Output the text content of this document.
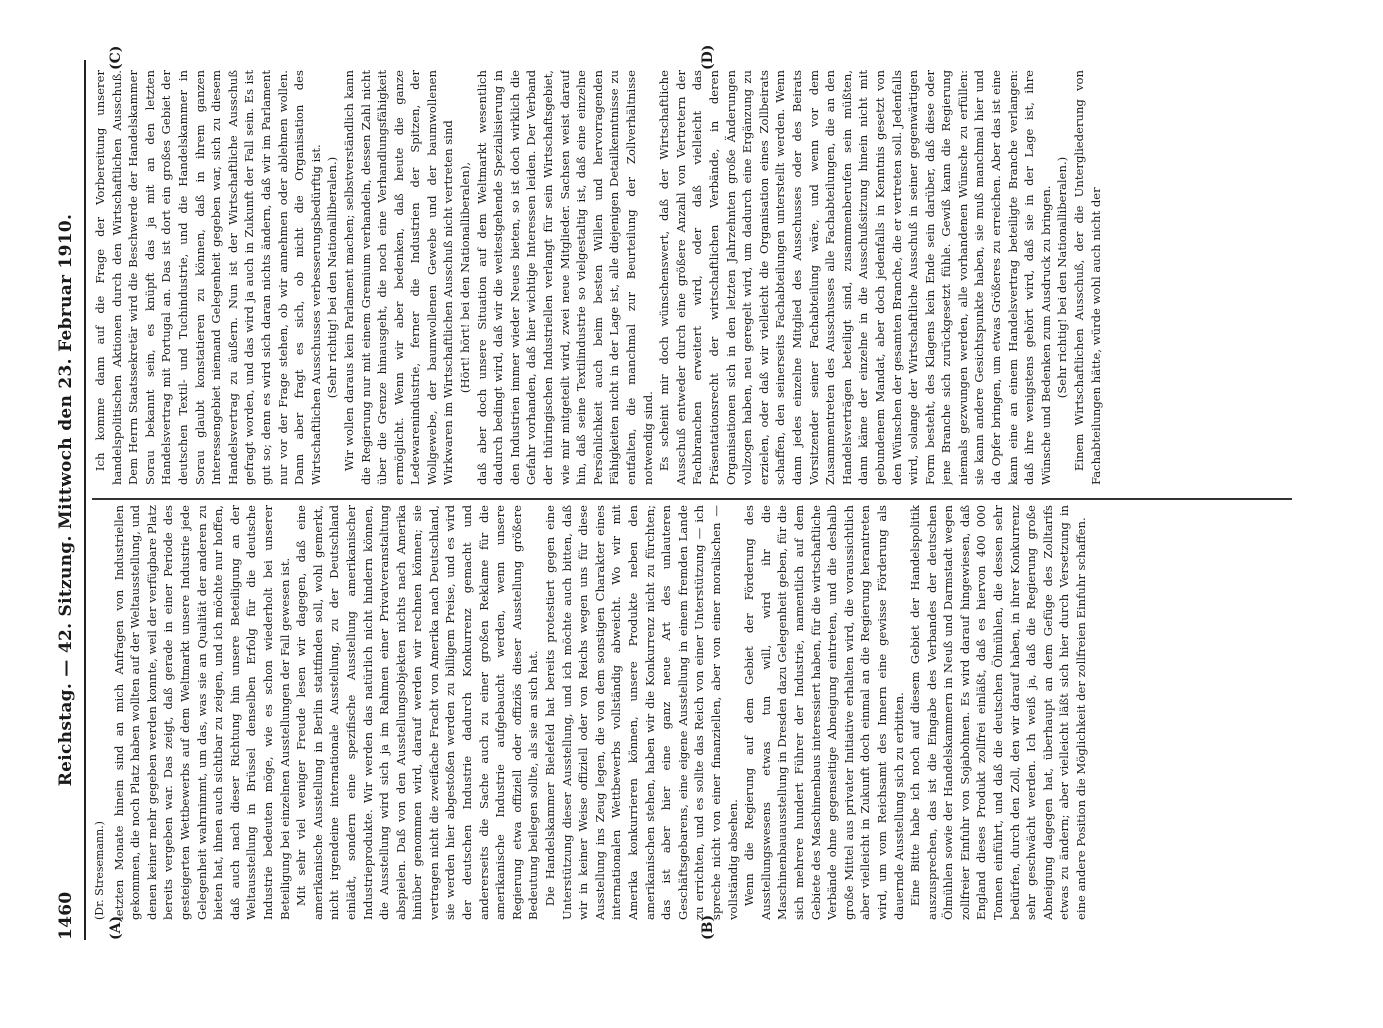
1460
Reichstag. — 42. Sitzung. Mittwoch den 23. Februar 1910.
(A)	(B)
(C)	(D)

(Dr. Stresemann.) letzten Monate hinein sind an mich Anfragen von Industriellen gekommen, die noch Platz haben wollten auf der Weltausstellung, und denen keiner mehr gegeben werden konnte, weil der verfügbare Platz bereits vergeben war. Das zeigt, daß gerade in einer Periode des gesteigerten Wettbewerbs auf dem Weltmarkt unsere Industrie jede Gelegenheit wahrnimmt, um das, was sie an Qualität der anderen zu bieten hat, ihnen auch sichtbar zu zeigen, und ich möchte nur hoffen, daß auch nach dieser Richtung hin unsere Beteiligung an der Weltausstellung in Brüssel denselben Erfolg für die deutsche Industrie bedeuten möge, wie es schon wiederholt bei unserer Beteiligung bei einzelnen Ausstellungen der Fall gewesen ist. Mit sehr viel weniger Freude lesen wir dagegen, daß eine amerikanische Ausstellung in Berlin stattfinden soll, wohl gemerkt, nicht irgendeine internationale Ausstellung, zu der Deutschland einlädt, sondern eine spezifische Ausstellung amerikanischer Industrieprodukte. Wir werden das natürlich nicht hindern können, die Ausstellung wird sich ja im Rahmen einer Privatveranstaltung abspielen. Daß von den Ausstellungsobjekten nichts nach Amerika hinüber genommen wird, darauf werden wir rechnen können; sie vertragen nicht die zweifache Fracht von Amerika nach Deutschland, sie werden hier abgestoßen werden zu billigem Preise, und es wird der deutschen Industrie dadurch Konkurrenz gemacht und andererseits die Sache auch zu einer großen Reklame für die amerikanische Industrie aufgebaucht werden, wenn unsere Regierung etwa offiziell oder offiziös dieser Ausstellung größere Bedeutung beilegen sollte, als sie an sich hat. Die Handelskammer Bielefeld hat bereits protestiert gegen eine Unterstützung dieser Ausstellung, und ich möchte auch bitten, daß wir in keiner Weise offiziell oder von Reichs wegen uns für diese Ausstellung ins Zeug legen, die von dem sonstigen Charakter eines internationalen Wettbewerbs vollständig abweicht. Wo wir mit Amerika konkurrieren können, unsere Produkte neben den amerikanischen stehen, haben wir die Konkurrenz nicht zu fürchten; das ist aber hier eine ganz neue Art des unlauteren Geschäftsgebarens, eine eigene Ausstellung in einem fremden Lande zu errichten, und es sollte das Reich von einer Unterstützung — ich spreche nicht von einer finanziellen, aber von einer moralischen — vollständig absehen. Wenn die Regierung auf dem Gebiet der Förderung des Ausstellungswesens etwas tun will, wird ihr die Maschinenbauausstellung in Dresden dazu Gelegenheit geben, für die sich mehrere hundert Führer der Industrie, namentlich auf dem Gebiete des Maschinenbaus interessiert haben, für die wirtschaftliche Verbände ohne gegenseitige Abneigung eintreten, und die deshalb große Mittel aus privater Initiative erhalten wird, die voraussichtlich aber vielleicht in Zukunft doch einmal an die Regierung herantreten wird, um vom Reichsamt des Innern eine gewisse Förderung als dauernde Ausstellung sich zu erbitten. Eine Bitte habe ich noch auf diesem Gebiet der Handelspolitik auszusprechen, das ist die Eingabe des Verbandes der deutschen Ölmühlen sowie der Handelskammern in Neuß und Darmstadt wegen zollfreier Einfuhr von Sojabohnen. Es wird darauf hingewiesen, daß England dieses Produkt zollfrei einläßt, daß es hiervon 400 000 Tonnen einführt, und daß die deutschen Ölmühlen, die dessen sehr bedürfen, durch den Zoll, den wir darauf haben, in ihrer Konkurrenz sehr geschwächt werden. Ich weiß ja, daß die Regierung große Abneigung dagegen hat, überhaupt an dem Gefüge des Zolltarifs etwas zu ändern; aber vielleicht läßt sich hier durch Versetzung in eine andere Position die Möglichkeit der zollfreien Einfuhr schaffen.

Ich komme dann auf die Frage der Vorbereitung unserer handelspolitischen Aktionen durch den Wirtschaftlichen Ausschuß. Dem Herrn Staatssekretär wird die Beschwerde der Handelskammer Sorau bekannt sein, es knüpft das ja mit an den letzten Handelsvertrag mit Portugal an. Das ist dort ein großes Gebiet der deutschen Textil- und Tuchindustrie, und die Handelskammer in Sorau glaubt konstatieren zu können, daß in ihrem ganzen Interessengebiet niemand Gelegenheit gegeben war, sich zu diesem Handelsvertrag zu äußern. Nun ist der Wirtschaftliche Ausschuß gefragt worden, und das wird ja auch in Zukunft der Fall sein. Es ist gut so; denn es wird sich daran nichts ändern, daß wir im Parlament nur vor der Frage stehen, ob wir annehmen oder ablehnen wollen. Dann aber fragt es sich, ob nicht die Organisation des Wirtschaftlichen Ausschusses verbesserungsbedürftig ist. (Sehr richtig! bei den Nationalliberalen.) Wir wollen daraus kein Parlament machen; selbstverständlich kann die Regierung nur mit einem Gremium verhandeln, dessen Zahl nicht über die Grenze hinausgeht, die noch eine Verhandlungsfähigkeit ermöglicht. Wenn wir aber bedenken, daß heute die ganze Ledewarenindustrie, ferner die Industrien der Spitzen, der Wollgewebe, der baumwollenen Gewebe und der baumwollenen Wirkwaren im Wirtschaftlichen Ausschuß nicht vertreten sind (Hört! hört! bei den Nationalliberalen), daß aber doch unsere Situation auf dem Weltmarkt wesentlich dadurch bedingt wird, daß wir die weitestgehende Spezialisierung in den Industrien immer wieder Neues bieten, so ist doch wirklich die Gefahr vorhanden, daß hier wichtige Interessen leiden. Der Verband der thüringischen Industriellen verlangt für sein Wirtschaftsgebiet, wie mir mitgeteilt wird, zwei neue Mitglieder. Sachsen weist darauf hin, daß seine Textilindustrie so vielgestaltig ist, daß eine einzelne Persönlichkeit auch beim besten Willen und hervorragenden Fähigkeiten nicht in der Lage ist, alle diejenigen Detailkenntnisse zu entfalten, die manchmal zur Beurteilung der Zollverhältnisse notwendig sind. Es scheint mir doch wünschenswert, daß der Wirtschaftliche Ausschuß entweder durch eine größere Anzahl von Vertretern der Fachbranchen erweitert wird, oder daß vielleicht das Präsentationsrecht der wirtschaftlichen Verbände, in deren Organisationen sich in den letzten Jahrzehnten große Änderungen vollzogen haben, neu geregelt wird, um dadurch eine Ergänzung zu erzielen, oder daß wir vielleicht die Organisation eines Zollbeirats schaffen, den seinerseits Fachabteilungen unterstellt werden. Wenn dann jedes einzelne Mitglied des Ausschusses oder des Beirats Vorsitzender seiner Fachabteilung wäre, und wenn vor dem Zusammentreten des Ausschusses alle Fachabteilungen, die an den Handelsverträgen beteiligt sind, zusammenberufen sein müßten, dann käme der einzelne in die Ausschußsitzung hinein nicht mit gebundenem Mandat, aber doch jedenfalls in Kenntnis gesetzt von den Wünschen der gesamten Branche, die er vertreten soll. Jedenfalls wird, solange der Wirtschaftliche Ausschuß in seiner gegenwärtigen Form besteht, des Klagens kein Ende sein darüber, daß diese oder jene Branche sich zurückgesetzt fühle. Gewiß kann die Regierung niemals gezwungen werden, alle vorhandenen Wünsche zu erfüllen: sie kann andere Gesichtspunkte haben, sie muß manchmal hier und da Opfer bringen, um etwas Größeres zu erreichen. Aber das ist eine kann eine an einem Handelsvertrag beteiligte Branche verlangen: daß ihre wenigstens gehört wird, daß sie in der Lage ist, ihre Wünsche und Bedenken zum Ausdruck zu bringen. (Sehr richtig! bei den Nationalliberalen.) Einem Wirtschaftlichen Ausschuß, der die Untergliederung von Fachabteilungen hätte, würde wohl auch nicht der
